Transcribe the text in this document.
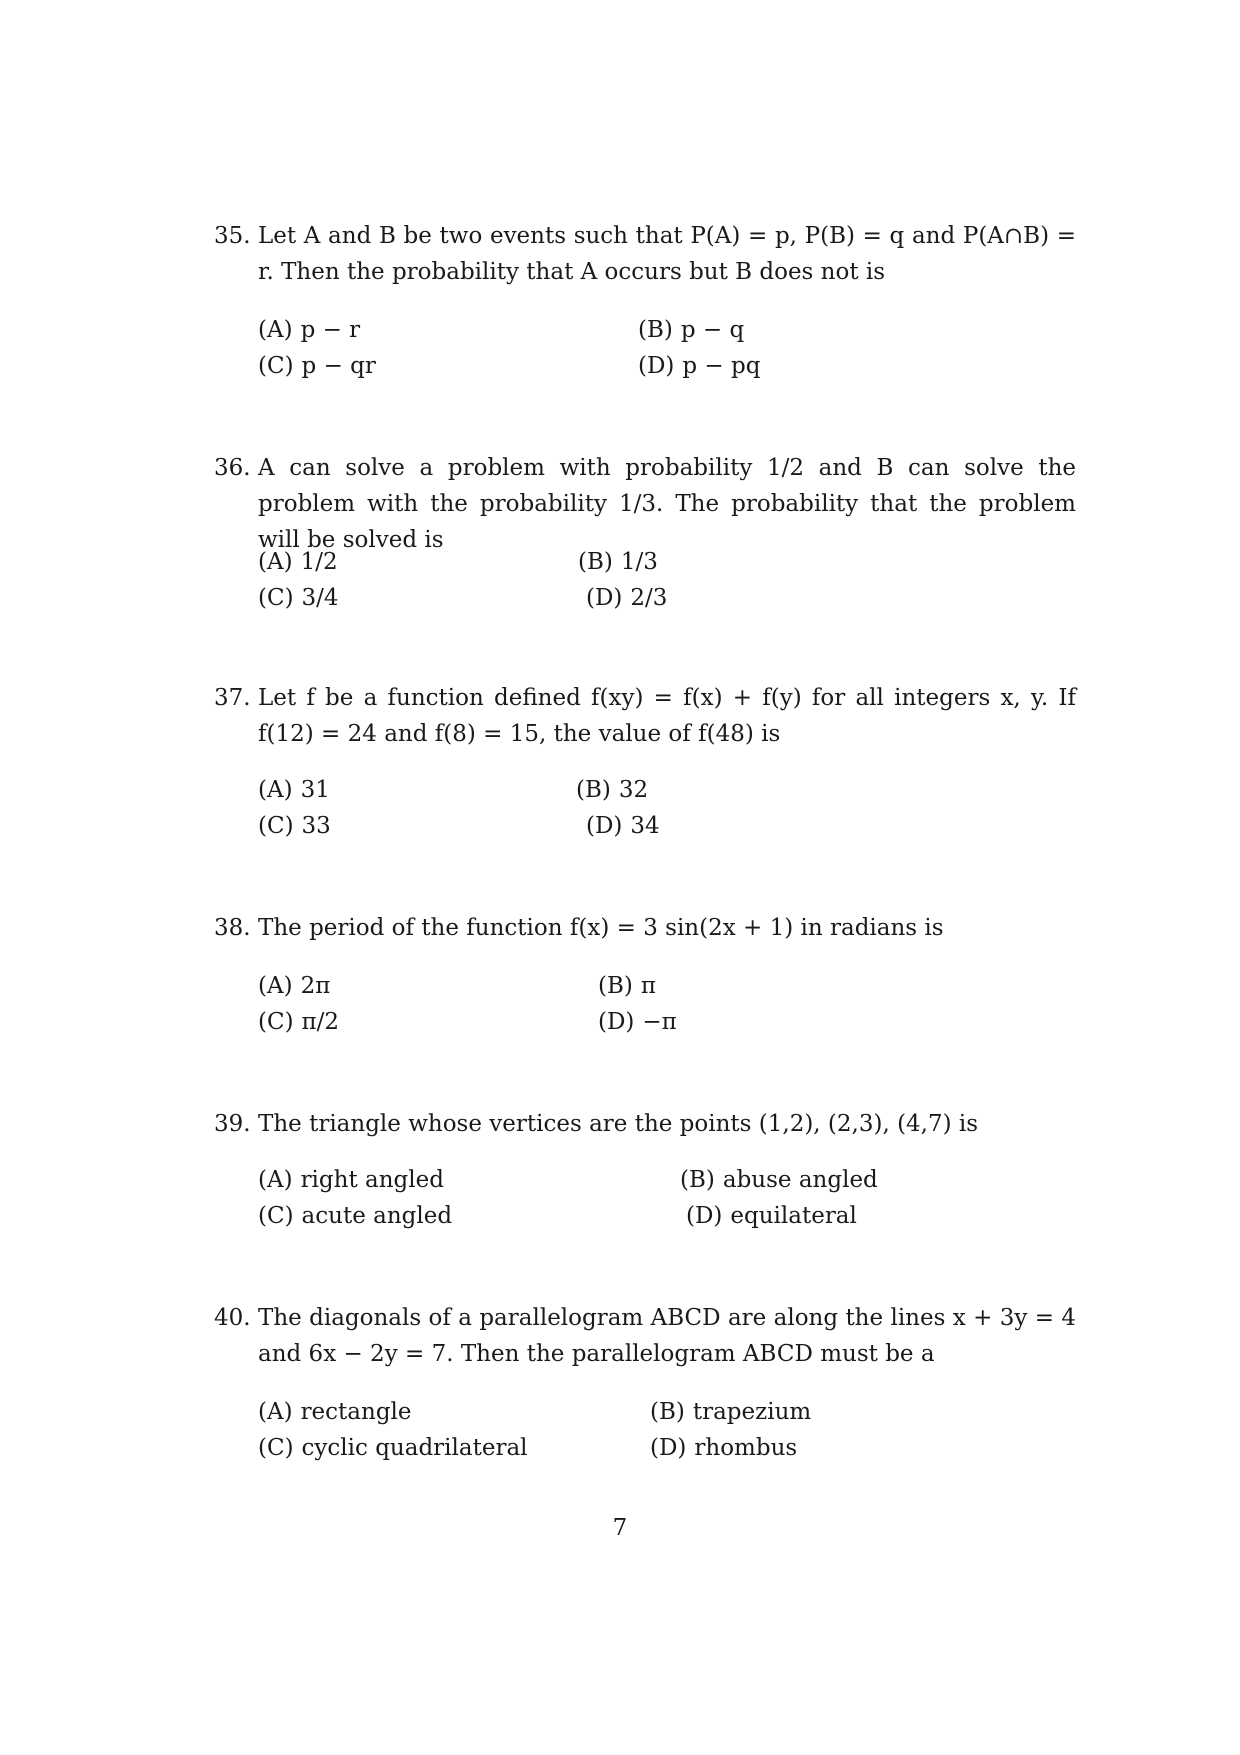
35. Let A and B be two events such that P(A) = p, P(B) = q and P(A∩B) = r. Then the probability that A occurs but B does not is
(A) p − r	(B) p − q
(C) p − qr	(D) p − pq
36. A can solve a problem with probability 1/2 and B can solve the problem with the probability 1/3. The probability that the problem will be solved is
(A) 1/2	(B) 1/3
(C) 3/4	(D) 2/3
37. Let f be a function defined f(xy) = f(x) + f(y) for all integers x, y. If f(12) = 24 and f(8) = 15, the value of f(48) is
(A) 31	(B) 32
(C) 33	(D) 34
38. The period of the function f(x) = 3 sin(2x + 1) in radians is
(A) 2π	(B) π
(C) π/2	(D) −π
39. The triangle whose vertices are the points (1,2), (2,3), (4,7) is
(A) right angled	(B) abuse angled
(C) acute angled	(D) equilateral
40. The diagonals of a parallelogram ABCD are along the lines x + 3y = 4 and 6x − 2y = 7. Then the parallelogram ABCD must be a
(A) rectangle	(B) trapezium
(C) cyclic quadrilateral	(D) rhombus
7
